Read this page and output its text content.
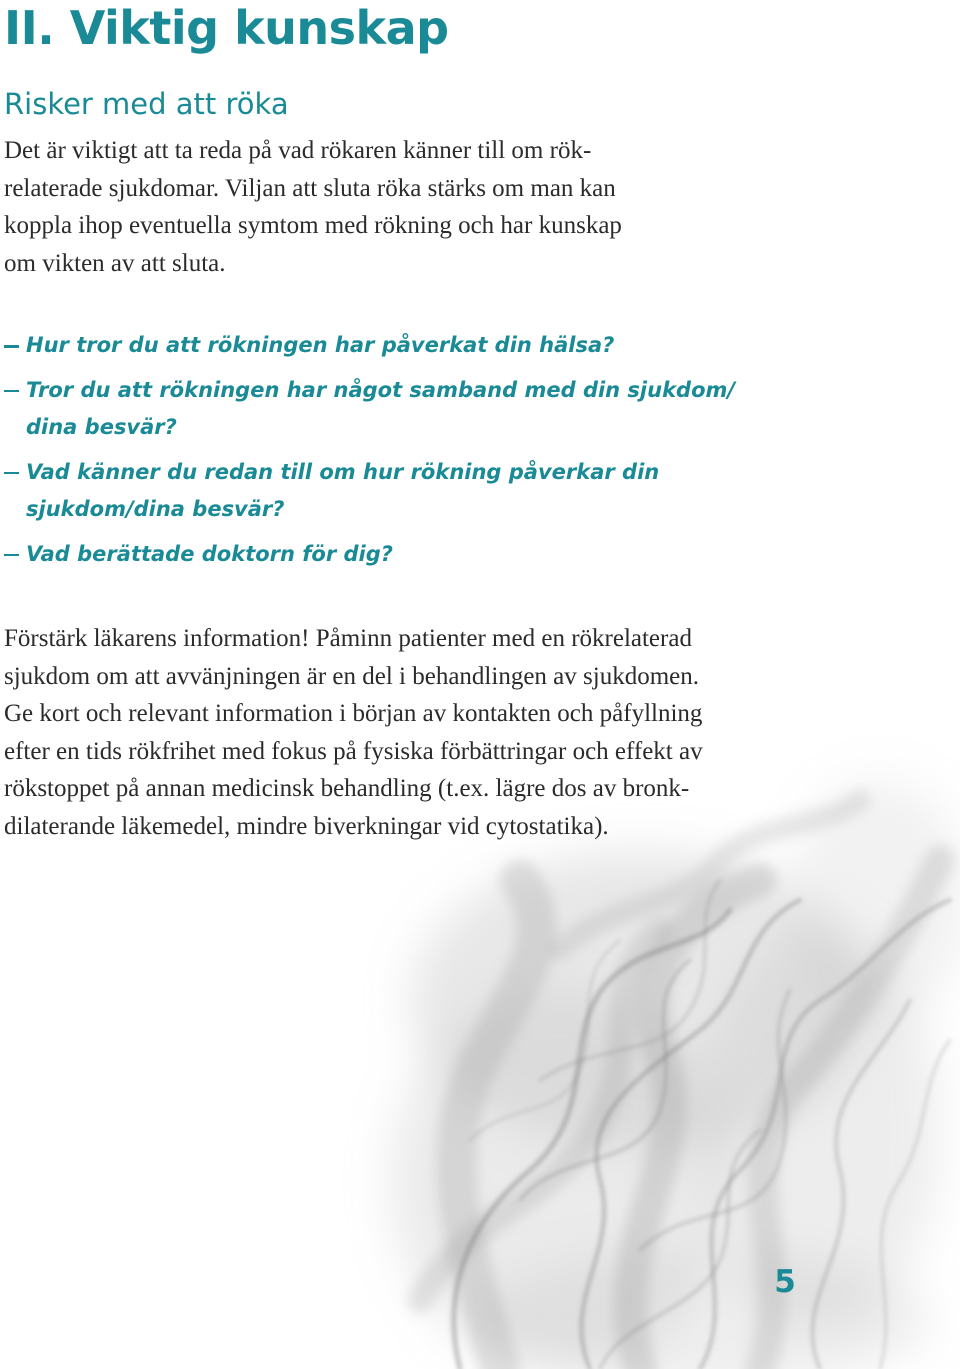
II. Viktig kunskap
Risker med att röka

Det är viktigt att ta reda på vad rökaren känner till om rök-
relaterade sjukdomar. Viljan att sluta röka stärks om man kan
koppla ihop eventuella symtom med rökning och har kunskap
om vikten av att sluta.

Hur tror du att rökningen har påverkat din hälsa?
Tror du att rökningen har något samband med din sjukdom/
dina besvär?
Vad känner du redan till om hur rökning påverkar din
sjukdom/dina besvär?
Vad berättade doktorn för dig?

Förstärk läkarens information! Påminn patienter med en rökrelaterad
sjukdom om att avvänjningen är en del i behandlingen av sjukdomen.
Ge kort och relevant information i början av kontakten och påfyllning
efter en tids rökfrihet med fokus på fysiska förbättringar och effekt av
rökstoppet på annan medicinsk behandling (t.ex. lägre dos av bronk-
dilaterande läkemedel, mindre biverkningar vid cytostatika).

5
